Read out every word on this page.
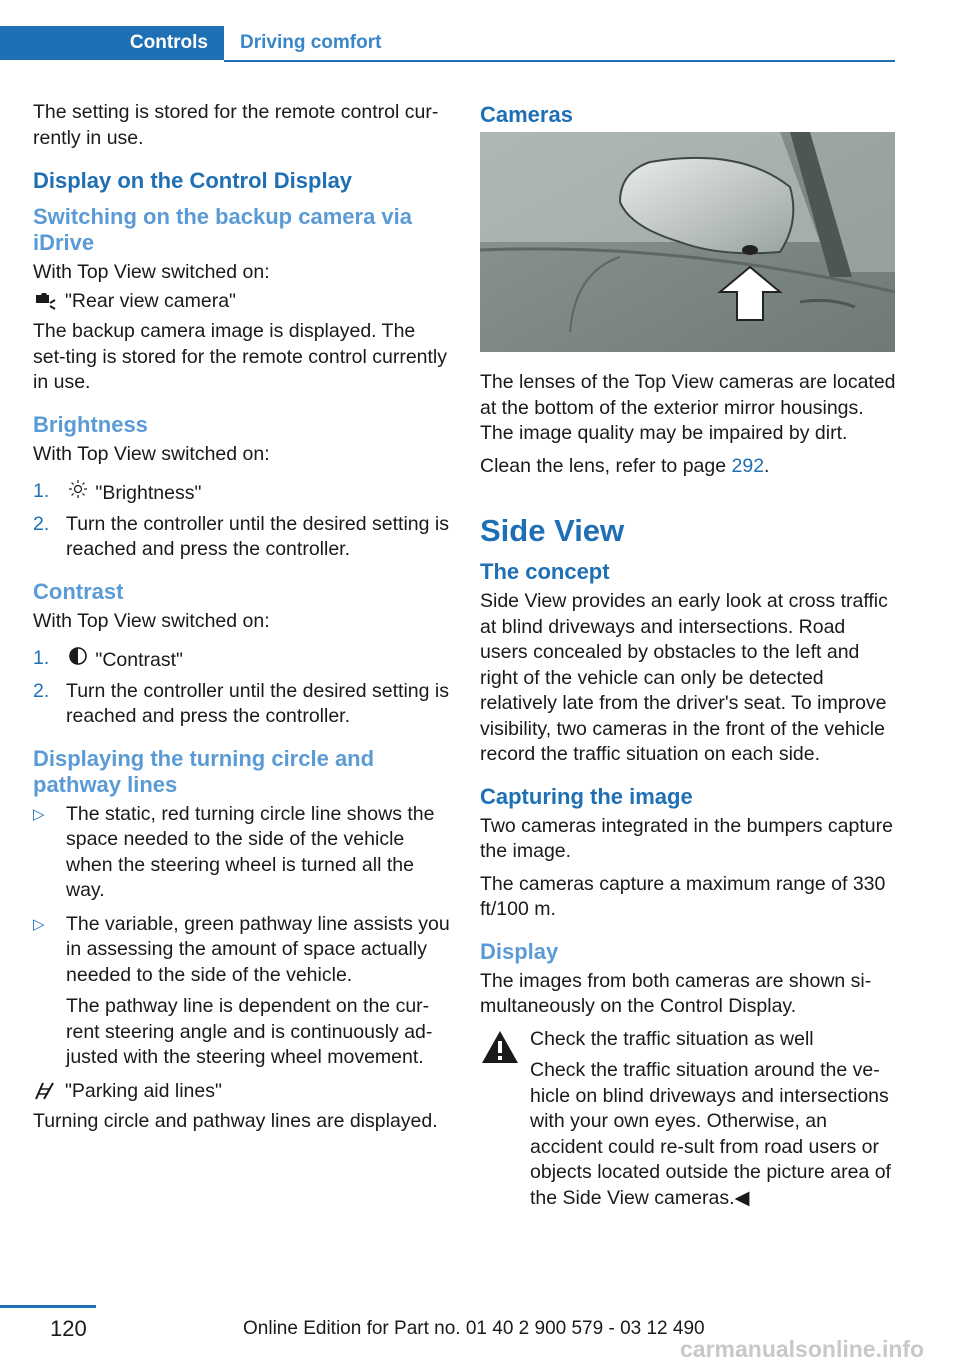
Controls	Driving comfort

The setting is stored for the remote control cur‐rently in use.

Display on the Control Display
Switching on the backup camera via iDrive

With Top View switched on:

"Rear view camera"

The backup camera image is displayed. The set‐ting is stored for the remote control currently in use.

Brightness

With Top View switched on:

1. "Brightness"
2. Turn the controller until the desired setting is reached and press the controller.
Contrast

With Top View switched on:

1. "Contrast"
2. Turn the controller until the desired setting is reached and press the controller.
Displaying the turning circle and pathway lines
▷ The static, red turning circle line shows the space needed to the side of the vehicle when the steering wheel is turned all the way.
▷ The variable, green pathway line assists you in assessing the amount of space actually needed to the side of the vehicle.
The pathway line is dependent on the cur‐rent steering angle and is continuously ad‐justed with the steering wheel movement.
"Parking aid lines"

Turning circle and pathway lines are displayed.

Cameras

The lenses of the Top View cameras are located at the bottom of the exterior mirror housings. The image quality may be impaired by dirt.

Clean the lens, refer to page 292.

Side View
The concept

Side View provides an early look at cross traffic at blind driveways and intersections. Road users concealed by obstacles to the left and right of the vehicle can only be detected relatively late from the driver's seat. To improve visibility, two cameras in the front of the vehicle record the traffic situation on each side.

Capturing the image

Two cameras integrated in the bumpers capture the image.

The cameras capture a maximum range of 330 ft/100 m.

Display

The images from both cameras are shown si‐multaneously on the Control Display.

Check the traffic situation as well
Check the traffic situation around the ve‐hicle on blind driveways and intersections with your own eyes. Otherwise, an accident could re‐sult from road users or objects located outside the picture area of the Side View cameras.◀
120	Online Edition for Part no. 01 40 2 900 579 - 03 12 490
carmanualsonline.info
